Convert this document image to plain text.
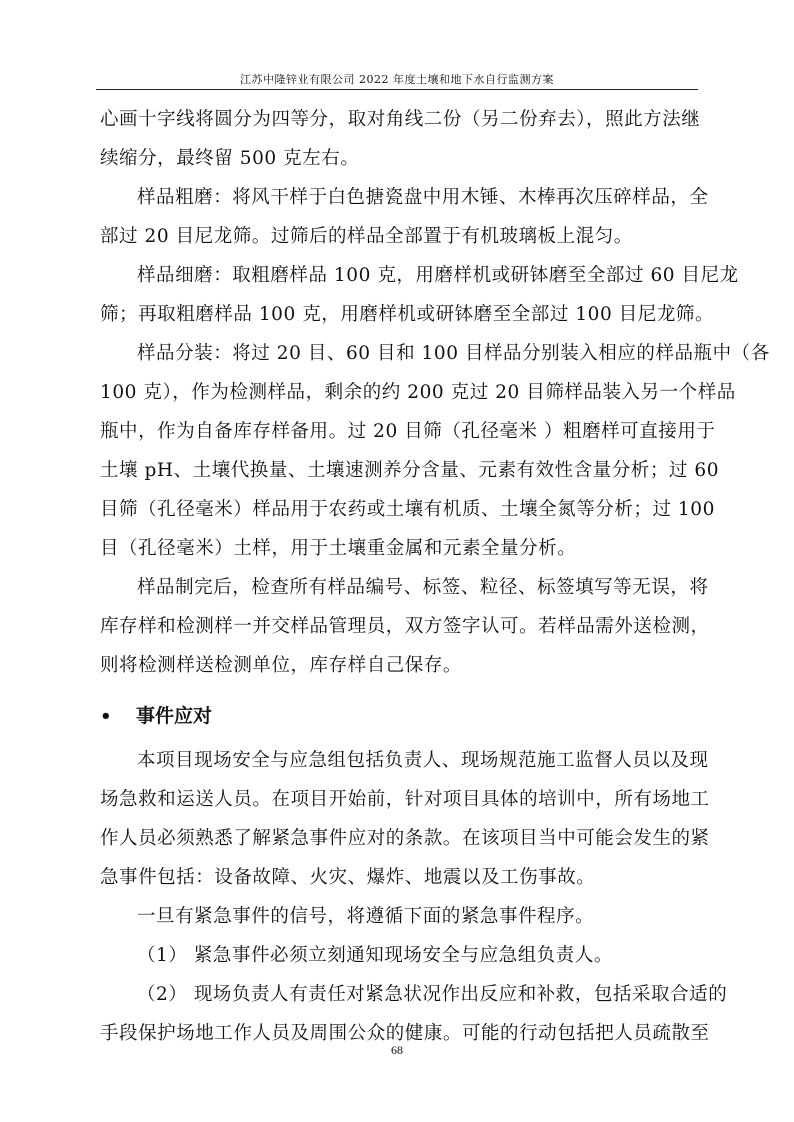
江苏中隆锌业有限公司 2022 年度土壤和地下水自行监测方案
心画十字线将圆分为四等分，取对角线二份（另二份弃去），照此方法继
续缩分，最终留 500 克左右。
样品粗磨：将风干样于白色搪瓷盘中用木锤、木棒再次压碎样品，全
部过 20 目尼龙筛。过筛后的样品全部置于有机玻璃板上混匀。
样品细磨：取粗磨样品 100 克，用磨样机或研钵磨至全部过 60 目尼龙
筛；再取粗磨样品 100 克，用磨样机或研钵磨至全部过 100 目尼龙筛。
样品分装：将过 20 目、60 目和 100 目样品分别装入相应的样品瓶中（各
100 克），作为检测样品，剩余的约 200 克过 20 目筛样品装入另一个样品
瓶中，作为自备库存样备用。过 20 目筛（孔径毫米 ）粗磨样可直接用于
土壤 pH、土壤代换量、土壤速测养分含量、元素有效性含量分析；过 60
目筛（孔径毫米）样品用于农药或土壤有机质、土壤全氮等分析；过 100
目（孔径毫米）土样，用于土壤重金属和元素全量分析。
样品制完后，检查所有样品编号、标签、粒径、标签填写等无误，将
库存样和检测样一并交样品管理员，双方签字认可。若样品需外送检测，
则将检测样送检测单位，库存样自己保存。
• 事件应对
本项目现场安全与应急组包括负责人、现场规范施工监督人员以及现
场急救和运送人员。在项目开始前，针对项目具体的培训中，所有场地工
作人员必须熟悉了解紧急事件应对的条款。在该项目当中可能会发生的紧
急事件包括：设备故障、火灾、爆炸、地震以及工伤事故。
一旦有紧急事件的信号，将遵循下面的紧急事件程序。
（1） 紧急事件必须立刻通知现场安全与应急组负责人。
（2） 现场负责人有责任对紧急状况作出反应和补救，包括采取合适的
手段保护场地工作人员及周围公众的健康。可能的行动包括把人员疏散至
68
